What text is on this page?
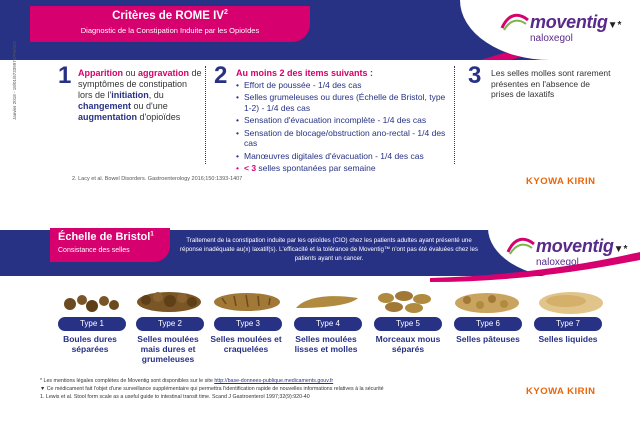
Critères de ROME $IV^2$
Diagnostic de la Constipation Induite par les Opioïdes	moventig▼*
naloxegol
Janvier 2018 - 18/01/67339973/PM/002 1 Apparition ou aggravation de symptômes de constipation lors de l'initiation, du changement ou d'une augmentation d'opioïdes
2 Au moins 2 des items suivants :
• Effort de poussée - 1/4 des cas
• Selles grumeleuses ou dures (Échelle de Bristol, type 1-2) - 1/4 des cas
• Sensation d'évacuation incomplète - 1/4 des cas
• Sensation de blocage/obstruction ano-rectal - 1/4 des cas
• Manœuvres digitales d'évacuation - 1/4 des cas
• < 3 selles spontanées par semaine
3 Les selles molles sont rarement présentes en l'absence de prises de laxatifs
2. Lacy et al. Bowel Disorders. Gastroenterology 2016;150:1393-1407	KYOWA KIRIN
Échelle de Bristol$^1$
Consistance des selles
Traitement de la constipation induite par les opioïdes (CIO) chez les patients adultes ayant présenté une réponse inadéquate au(x) laxatif(s). L'efficacité et la tolérance de Moventig™ n'ont pas été évaluées chez les patients ayant un cancer.
moventig▼*
naloxegol
Type 1	Type 2	Type 3	Type 4	Type 5	Type 6	Type 7
Boules dures séparées
Selles moulées mais dures et grumeleuses
Selles moulées et craquelées
Selles moulées lisses et molles
Morceaux mous séparés
Selles pâteuses	Selles liquides
* Les mentions légales complètes de Moventig sont disponibles sur le site http://base-donnees-publique.medicaments.gouv.fr
▼ Ce médicament fait l'objet d'une surveillance supplémentaire qui permettra l'identification rapide de nouvelles informations relatives à la sécurité
1. Lewis et al. Stool form scale as a useful guide to intestinal transit time. Scand J Gastroenterol 1997;32(9):920-40	KYOWA KIRIN
